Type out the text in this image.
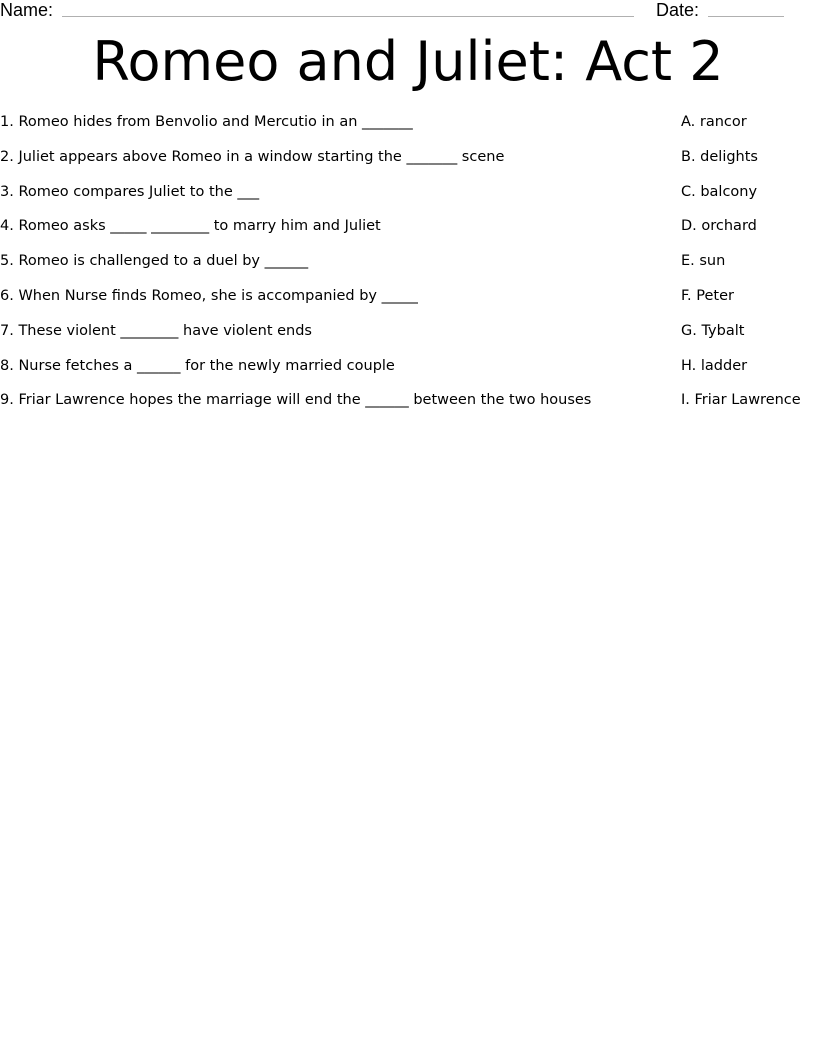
Name:	Date:
Romeo and Juliet: Act 2
1. Romeo hides from Benvolio and Mercutio in an _______
2. Juliet appears above Romeo in a window starting the _______ scene
3. Romeo compares Juliet to the ___
4. Romeo asks _____ ________ to marry him and Juliet
5. Romeo is challenged to a duel by ______
6. When Nurse finds Romeo, she is accompanied by _____
7. These violent ________ have violent ends
8. Nurse fetches a ______ for the newly married couple
9. Friar Lawrence hopes the marriage will end the ______ between the two houses
A. rancor
B. delights
C. balcony
D. orchard
E. sun
F. Peter
G. Tybalt
H. ladder
I. Friar Lawrence
